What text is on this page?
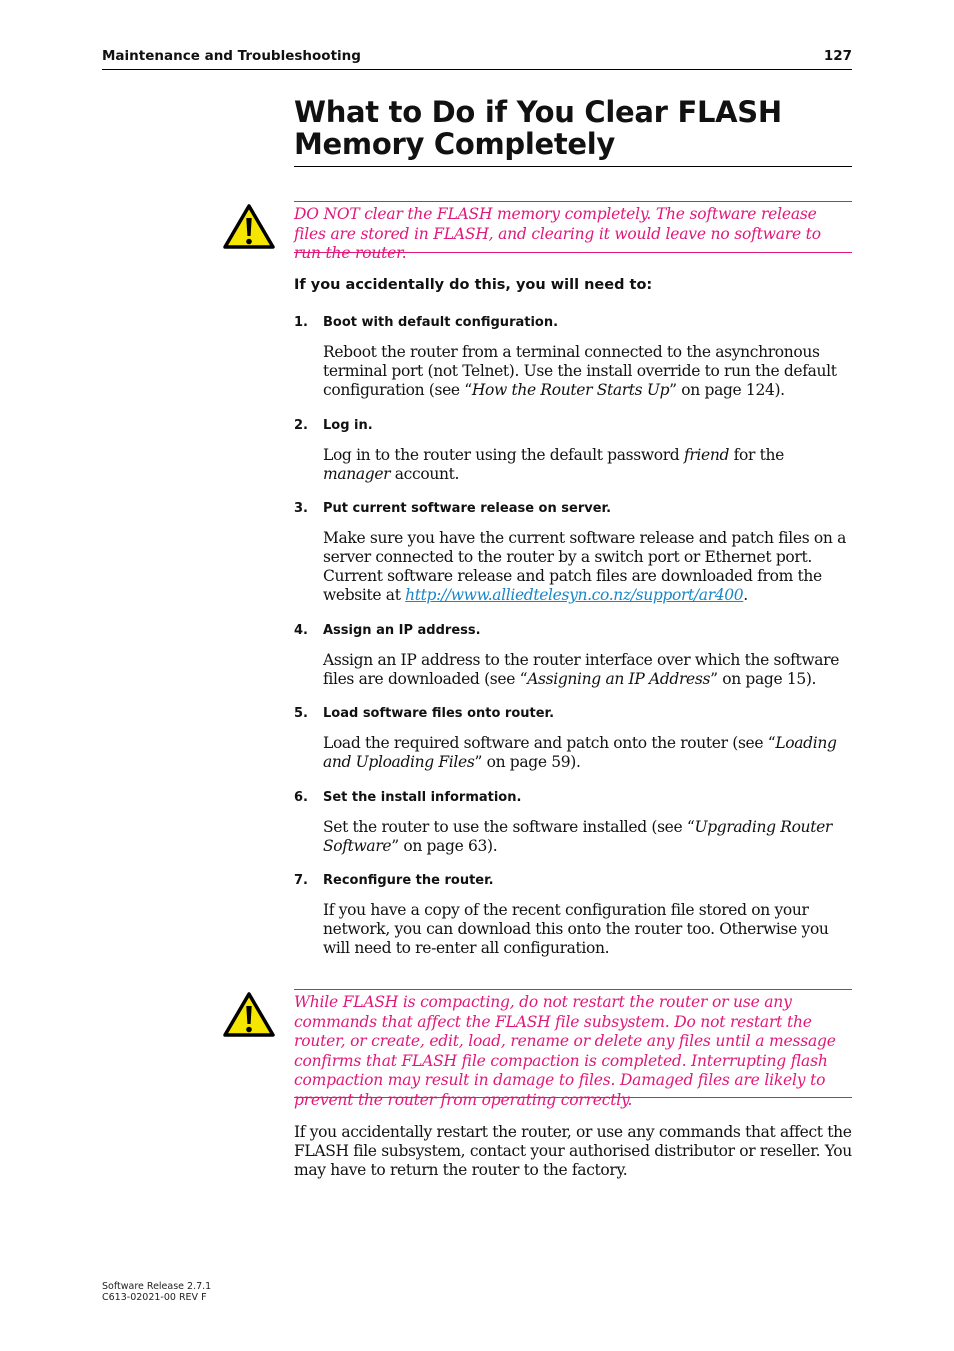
Maintenance and Troubleshooting	127
What to Do if You Clear FLASH Memory Completely
DO NOT clear the FLASH memory completely. The software release files are stored in FLASH, and clearing it would leave no software to run the router.
If you accidentally do this, you will need to:
1. Boot with default configuration.
Reboot the router from a terminal connected to the asynchronous terminal port (not Telnet). Use the install override to run the default configuration (see “How the Router Starts Up” on page 124).
2. Log in.
Log in to the router using the default password friend for the manager account.
3. Put current software release on server.
Make sure you have the current software release and patch files on a server connected to the router by a switch port or Ethernet port. Current software release and patch files are downloaded from the website at http://www.alliedtelesyn.co.nz/support/ar400.
4. Assign an IP address.
Assign an IP address to the router interface over which the software files are downloaded (see “Assigning an IP Address” on page 15).
5. Load software files onto router.
Load the required software and patch onto the router (see “Loading and Uploading Files” on page 59).
6. Set the install information.
Set the router to use the software installed (see “Upgrading Router Software” on page 63).
7. Reconfigure the router.
If you have a copy of the recent configuration file stored on your network, you can download this onto the router too. Otherwise you will need to re-enter all configuration.
While FLASH is compacting, do not restart the router or use any commands that affect the FLASH file subsystem. Do not restart the router, or create, edit, load, rename or delete any files until a message confirms that FLASH file compaction is completed. Interrupting flash compaction may result in damage to files. Damaged files are likely to prevent the router from operating correctly.
If you accidentally restart the router, or use any commands that affect the FLASH file subsystem, contact your authorised distributor or reseller. You may have to return the router to the factory.
Software Release 2.7.1
C613-02021-00 REV F
